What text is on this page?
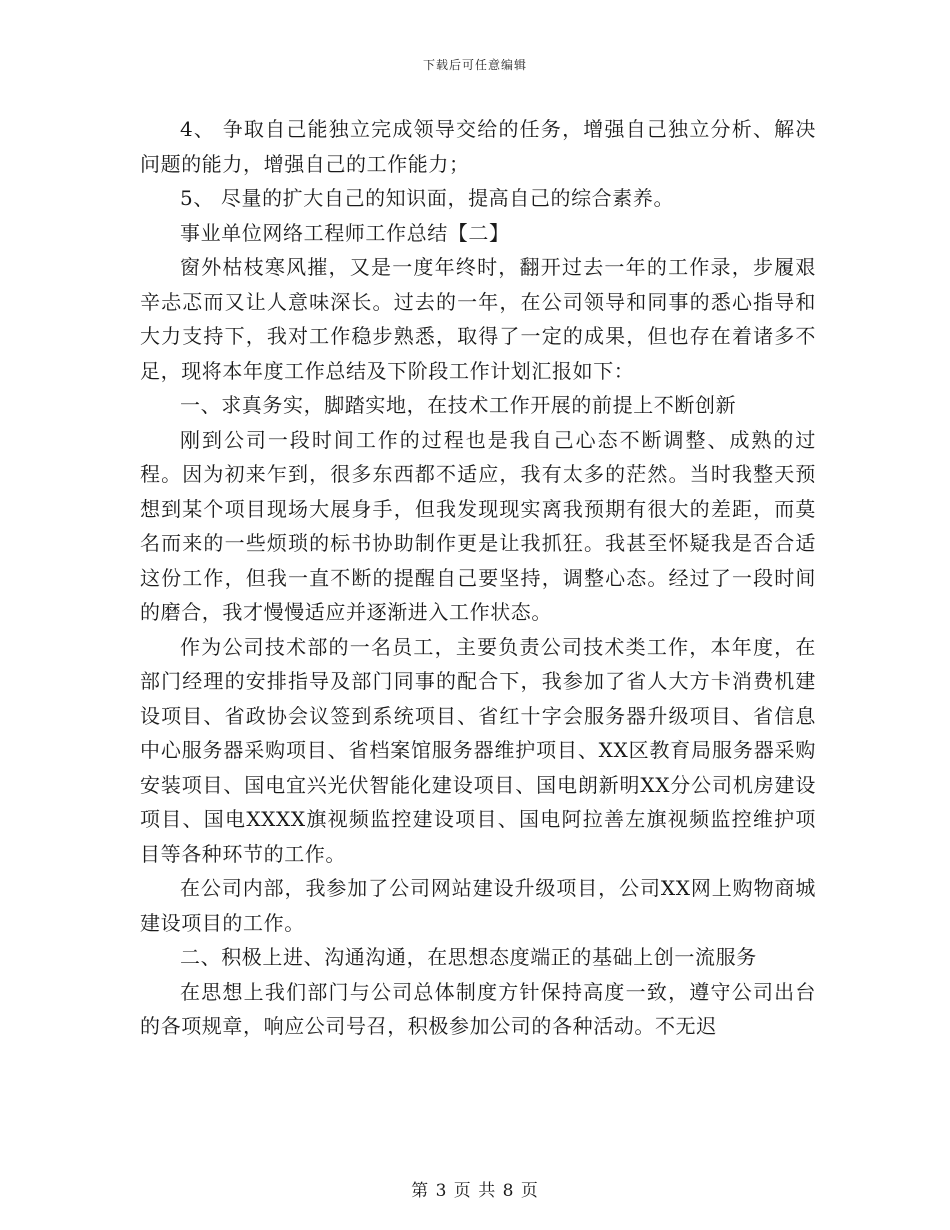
下载后可任意编辑

4、 争取自己能独立完成领导交给的任务，增强自己独立分析、解决问题的能力，增强自己的工作能力；

5、 尽量的扩大自己的知识面，提高自己的综合素养。

事业单位网络工程师工作总结【二】

窗外枯枝寒风摧，又是一度年终时，翻开过去一年的工作录，步履艰辛忐忑而又让人意味深长。过去的一年，在公司领导和同事的悉心指导和大力支持下，我对工作稳步熟悉，取得了一定的成果，但也存在着诸多不足，现将本年度工作总结及下阶段工作计划汇报如下：

一、求真务实，脚踏实地，在技术工作开展的前提上不断创新

刚到公司一段时间工作的过程也是我自己心态不断调整、成熟的过程。因为初来乍到，很多东西都不适应，我有太多的茫然。当时我整天预想到某个项目现场大展身手，但我发现现实离我预期有很大的差距，而莫名而来的一些烦琐的标书协助制作更是让我抓狂。我甚至怀疑我是否合适这份工作，但我一直不断的提醒自己要坚持，调整心态。经过了一段时间的磨合，我才慢慢适应并逐渐进入工作状态。

作为公司技术部的一名员工，主要负责公司技术类工作，本年度，在部门经理的安排指导及部门同事的配合下，我参加了省人大方卡消费机建设项目、省政协会议签到系统项目、省红十字会服务器升级项目、省信息中心服务器采购项目、省档案馆服务器维护项目、XX区教育局服务器采购安装项目、国电宜兴光伏智能化建设项目、国电朗新明XX分公司机房建设项目、国电XXXX旗视频监控建设项目、国电阿拉善左旗视频监控维护项目等各种环节的工作。

在公司内部，我参加了公司网站建设升级项目，公司XX网上购物商城建设项目的工作。

二、积极上进、沟通沟通，在思想态度端正的基础上创一流服务

在思想上我们部门与公司总体制度方针保持高度一致，遵守公司出台的各项规章，响应公司号召，积极参加公司的各种活动。不无迟

第 3 页 共 8 页
